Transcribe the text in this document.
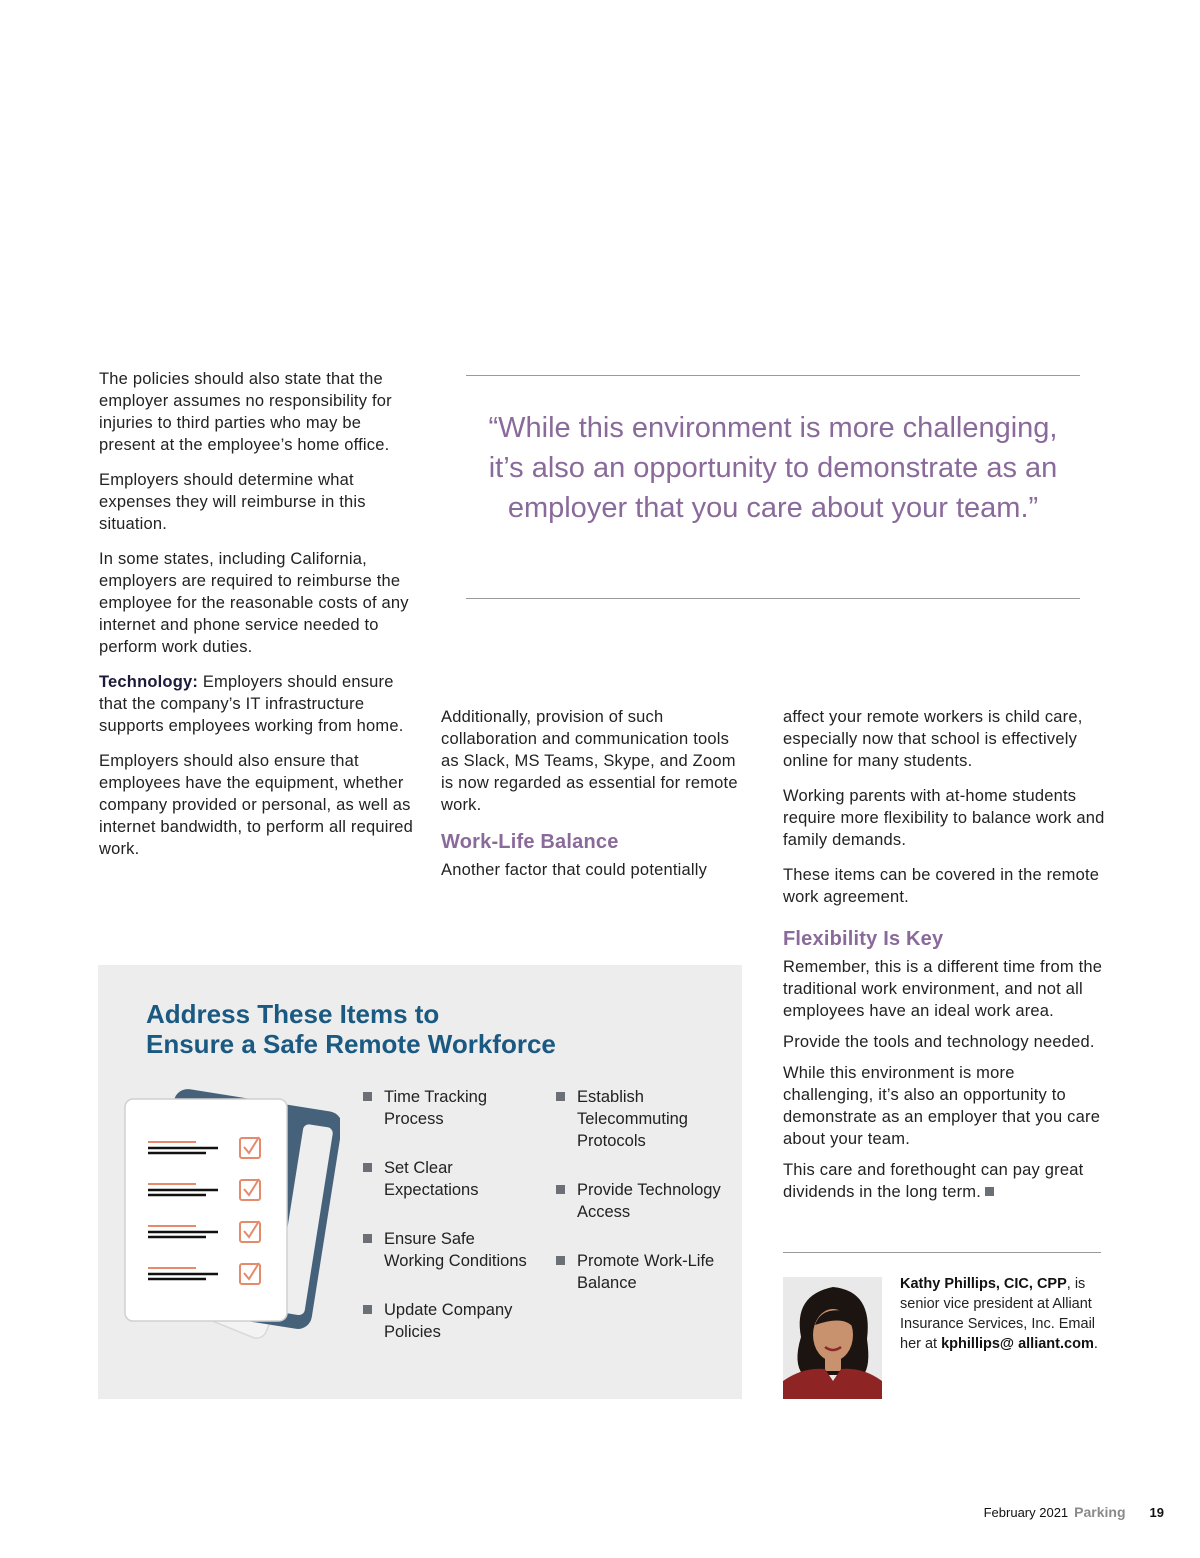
The policies should also state that the employer assumes no responsibility for injuries to third parties who may be present at the employee’s home office.

Employers should determine what expenses they will reimburse in this situation.

In some states, including California, employers are required to reimburse the employee for the reasonable costs of any internet and phone service needed to perform work duties.

Technology: Employers should ensure that the company’s IT infrastructure supports employees working from home.

Employers should also ensure that employees have the equipment, whether company provided or personal, as well as internet bandwidth, to perform all required work.

“While this environment is more challenging, it’s also an opportunity to demonstrate as an employer that you care about your team.”

Additionally, provision of such collaboration and communication tools as Slack, MS Teams, Skype, and Zoom is now regarded as essential for remote work.

Work-Life Balance

Another factor that could potentially

affect your remote workers is child care, especially now that school is effectively online for many students.

Working parents with at-home students require more flexibility to balance work and family demands.

These items can be covered in the remote work agreement.

Flexibility Is Key

Remember, this is a different time from the traditional work environment, and not all employees have an ideal work area.

Provide the tools and technology needed.

While this environment is more challenging, it’s also an opportunity to demonstrate as an employer that you care about your team.

This care and forethought can pay great dividends in the long term.

Address These Items to
Ensure a Safe Remote Workforce
Time Tracking Process
Set Clear Expectations
Ensure Safe Working Conditions
Update Company Policies
Establish Telecommuting Protocols
Provide Technology Access
Promote Work-Life Balance	Kathy Phillips, CIC, CPP, is senior vice president at Alliant Insurance Services, Inc. Email her at kphillips@ alliant.com.
February 2021 Parking 19
